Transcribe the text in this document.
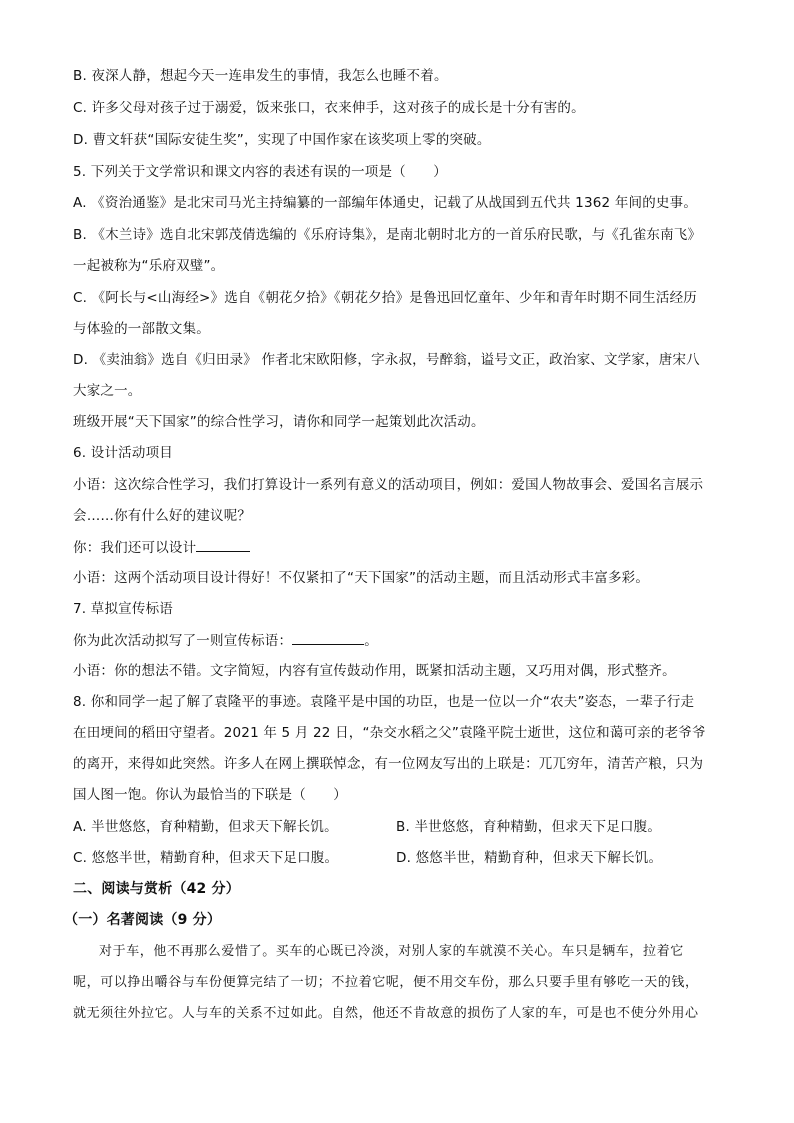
B. 夜深人静，想起今天一连串发生的事情，我怎么也睡不着。
C. 许多父母对孩子过于溺爱，饭来张口，衣来伸手，这对孩子的成长是十分有害的。
D. 曹文轩获“国际安徒生奖”，实现了中国作家在该奖项上零的突破。
5. 下列关于文学常识和课文内容的表述有误的一项是（　　）
A. 《资治通鉴》是北宋司马光主持编纂的一部编年体通史，记载了从战国到五代共 1362 年间的史事。
B. 《木兰诗》选自北宋郭茂倩选编的《乐府诗集》，是南北朝时北方的一首乐府民歌，与《孔雀东南飞》
一起被称为“乐府双璧”。
C. 《阿长与<山海经>》选自《朝花夕拾》《朝花夕拾》是鲁迅回忆童年、少年和青年时期不同生活经历
与体验的一部散文集。
D. 《卖油翁》选自《归田录》 作者北宋欧阳修，字永叔，号醉翁，谥号文正，政治家、文学家，唐宋八
大家之一。
班级开展“天下国家”的综合性学习，请你和同学一起策划此次活动。
6. 设计活动项目
小语：这次综合性学习，我们打算设计一系列有意义的活动项目，例如：爱国人物故事会、爱国名言展示
会……你有什么好的建议呢？
你：我们还可以设计
小语：这两个活动项目设计得好！不仅紧扣了“天下国家”的活动主题，而且活动形式丰富多彩。
7. 草拟宣传标语
你为此次活动拟写了一则宣传标语：	。
小语：你的想法不错。文字简短，内容有宣传鼓动作用，既紧扣活动主题，又巧用对偶，形式整齐。
8. 你和同学一起了解了袁隆平的事迹。袁隆平是中国的功臣，也是一位以一介“农夫”姿态，一辈子行走
在田埂间的稻田守望者。2021 年 5 月 22 日，“杂交水稻之父”袁隆平院士逝世，这位和蔼可亲的老爷爷
的离开，来得如此突然。许多人在网上撰联悼念，有一位网友写出的上联是：兀兀穷年，清苦产粮，只为
国人图一饱。你认为最恰当的下联是（　　）
A. 半世悠悠，育种精勤，但求天下解长饥。	B. 半世悠悠，育种精勤，但求天下足口腹。
C. 悠悠半世，精勤育种，但求天下足口腹。	D. 悠悠半世，精勤育种，但求天下解长饥。
二、阅读与赏析（42 分）
（一）名著阅读（9 分）
对于车，他不再那么爱惜了。买车的心既已冷淡，对别人家的车就漠不关心。车只是辆车，拉着它
呢，可以挣出嚼谷与车份便算完结了一切；不拉着它呢，便不用交车份，那么只要手里有够吃一天的钱，
就无须往外拉它。人与车的关系不过如此。自然，他还不肯故意的损伤了人家的车，可是也不使分外用心
